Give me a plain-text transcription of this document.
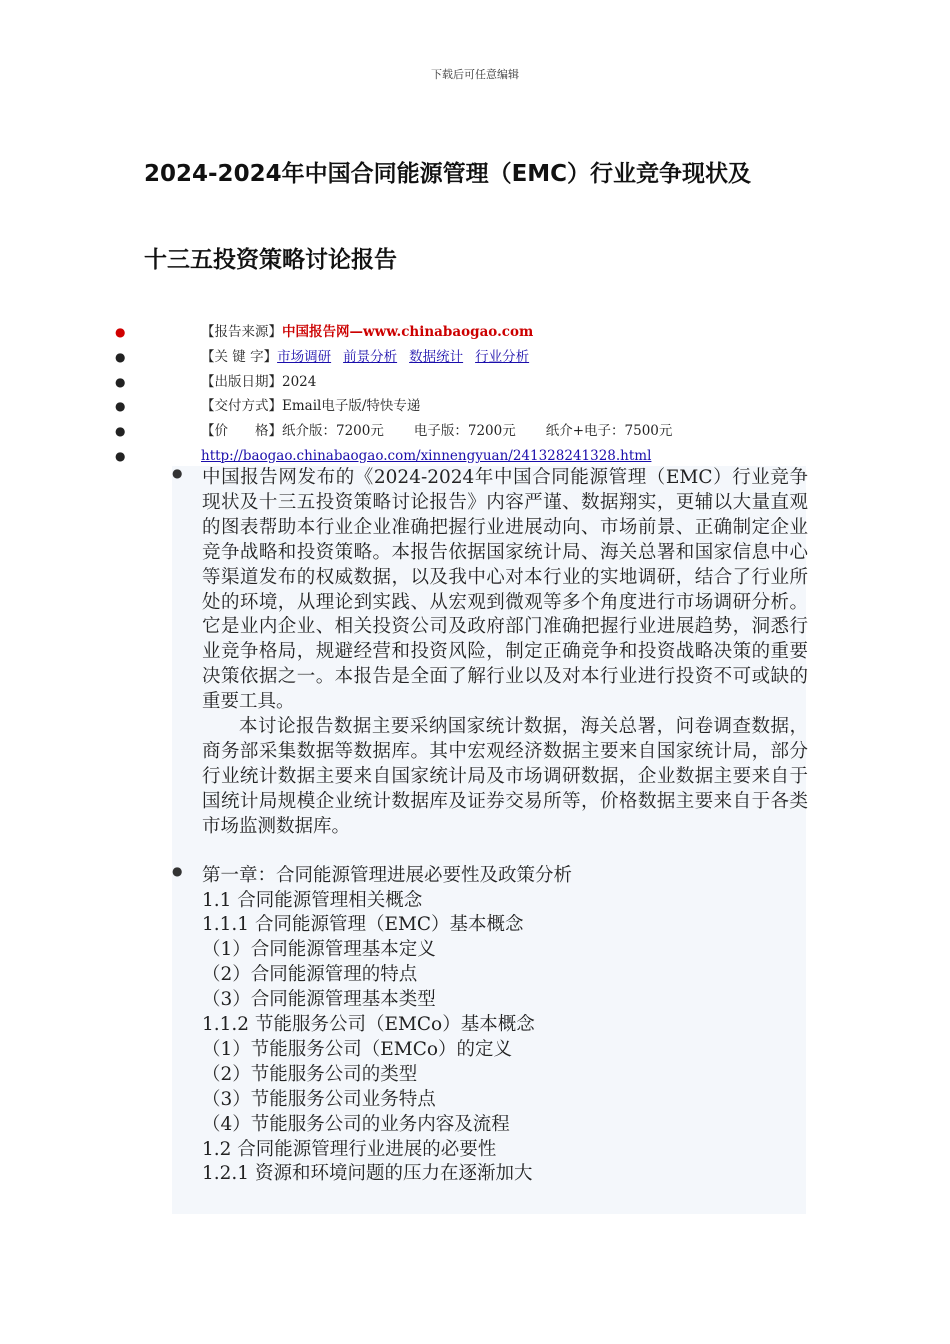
下载后可任意编辑
2024-2024年中国合同能源管理（EMC）行业竞争现状及
十三五投资策略讨论报告
●	【报告来源】中国报告网—www.chinabaogao.com
●	【关 键 字】市场调研 前景分析 数据统计 行业分析
●	【出版日期】2024
●	【交付方式】Email电子版/特快专递
●	【价　　格】纸介版：7200元 电子版：7200元 纸介+电子：7500元
●	http://baogao.chinabaogao.com/xinnengyuan/241328241328.html
● 中国报告网发布的《2024-2024年中国合同能源管理（EMC）行业竞争现状及十三五投资策略讨论报告》内容严谨、数据翔实，更辅以大量直观的图表帮助本行业企业准确把握行业进展动向、市场前景、正确制定企业竞争战略和投资策略。本报告依据国家统计局、海关总署和国家信息中心等渠道发布的权威数据，以及我中心对本行业的实地调研，结合了行业所处的环境，从理论到实践、从宏观到微观等多个角度进行市场调研分析。它是业内企业、相关投资公司及政府部门准确把握行业进展趋势，洞悉行业竞争格局，规避经营和投资风险，制定正确竞争和投资战略决策的重要决策依据之一。本报告是全面了解行业以及对本行业进行投资不可或缺的重要工具。
本讨论报告数据主要采纳国家统计数据，海关总署，问卷调查数据，商务部采集数据等数据库。其中宏观经济数据主要来自国家统计局，部分行业统计数据主要来自国家统计局及市场调研数据，企业数据主要来自于国统计局规模企业统计数据库及证券交易所等，价格数据主要来自于各类市场监测数据库。
● 第一章：合同能源管理进展必要性及政策分析
1.1 合同能源管理相关概念
1.1.1 合同能源管理（EMC）基本概念
（1）合同能源管理基本定义
（2）合同能源管理的特点
（3）合同能源管理基本类型
1.1.2 节能服务公司（EMCo）基本概念
（1）节能服务公司（EMCo）的定义
（2）节能服务公司的类型
（3）节能服务公司业务特点
（4）节能服务公司的业务内容及流程
1.2 合同能源管理行业进展的必要性
1.2.1 资源和环境问题的压力在逐渐加大
